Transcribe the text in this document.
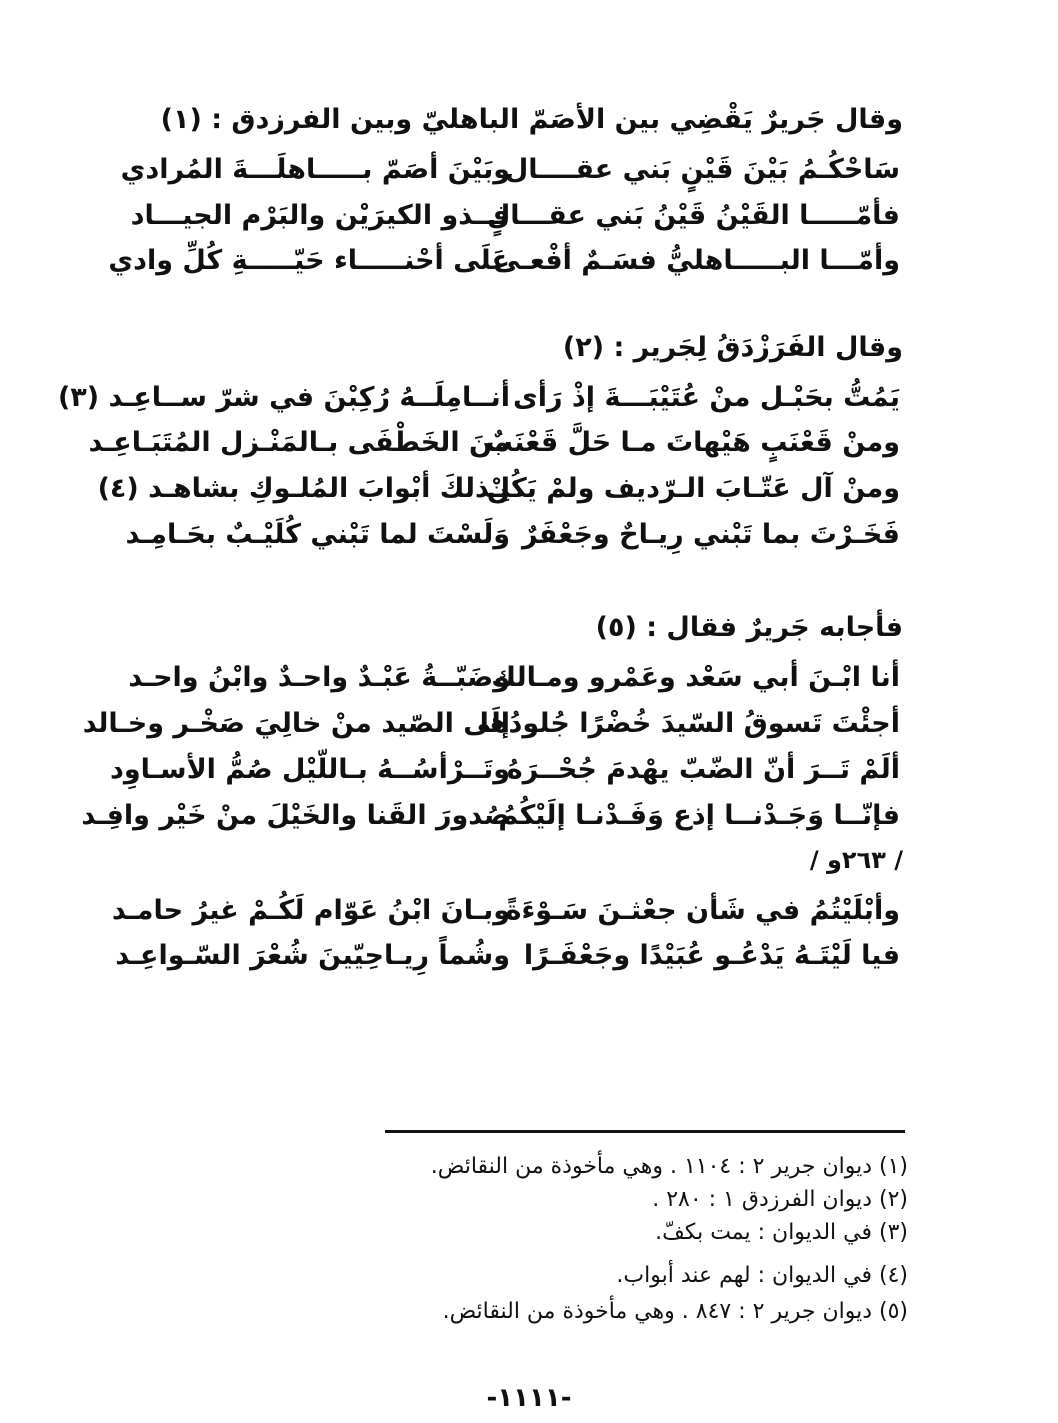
وقال جَريرٌ يَقْضِي بين الأصَمّ الباهليّ وبين الفرزدق : (١)
سَاحْكُـمُ بَيْنَ قَيْنٍ بَني عقــــال
وبَيْنَ أصَمّ بـــــاهلَـــةَ المُرادي
فأمّـــــا القَيْنُ قَيْنُ بَني عقـــالٍ
فــذو الكيرَيْن والبَرْم الجيـــاد
وأمّـــا البـــــاهليُّ فسَـمٌ أفْعـى
عَلَى أحْنـــــاء حَيّـــــةِ كُلِّ وادي
وقال الفَرَزْدَقُ لِجَرير : (٢)
يَمُتُّ بحَبْـل منْ عُتَيْبَـــةَ إذْ رَأى
أنــامِلَــهُ رُكِبْنَ في شرّ ســاعِـد (٣)
ومنْ قَعْنَبٍ هَيْهاتَ مـا حَلَّ قَعْنَبٌ
منَ الخَطْفَى بـالمَنْـزل المُتَبَـاعِـد
ومنْ آل عَتّـابَ الـرّديف ولمْ يَكُنْ
لِـذلكَ أبْوابَ المُلـوكِ بشاهـد (٤)
فَخَـرْتَ بما تَبْني رِيـاحٌ وجَعْفَرٌ
وَلَسْتَ لما تَبْني كُلَيْـبٌ بحَـامِـد
فأجابه جَريرٌ فقال : (٥)
أنا ابْـنَ أبي سَعْد وعَمْرو ومـالك
وضَبّــةُ عَبْـدٌ واحـدٌ وابْنُ واحـد
أجئْتَ تَسوقُ السّيدَ خُضْرًا جُلودُها
إلَى الصّيد منْ خالِيَ صَخْـر وخـالد
ألَمْ تَــرَ أنّ الضّبّ يهْدمَ جُحْــرَهُ
وتَــرْأسُــهُ بـاللّيْل صُمُّ الأسـاوِد
فإنّــا وَجَـدْنــا إذع وَفَـدْنـا إلَيْكُمُ
صُدورَ القَنا والخَيْلَ منْ خَيْر وافِـد
/ ٢٦٣و /
وأبْلَيْتُمُ في شَأن جعْثـنَ سَـوْءَةً
وبـانَ ابْنُ عَوّام لَكُـمْ غيرُ حامـد
فيا لَيْتَـهُ يَدْعُـو عُبَيْدًا وجَعْفَـرًا
وشُماً رِيـاحِيّينَ شُعْرَ السّـواعِـد
(١) ديوان جرير ٢ : ١١٠٤ . وهي مأخوذة من النقائض.
(٢) ديوان الفرزدق ١ : ٢٨٠ .
(٣) في الديوان : يمت بكفّ.
(٤) في الديوان : لهم عند أبواب.
(٥) ديوان جرير ٢ : ٨٤٧ . وهي مأخوذة من النقائض.
-١١١١-
